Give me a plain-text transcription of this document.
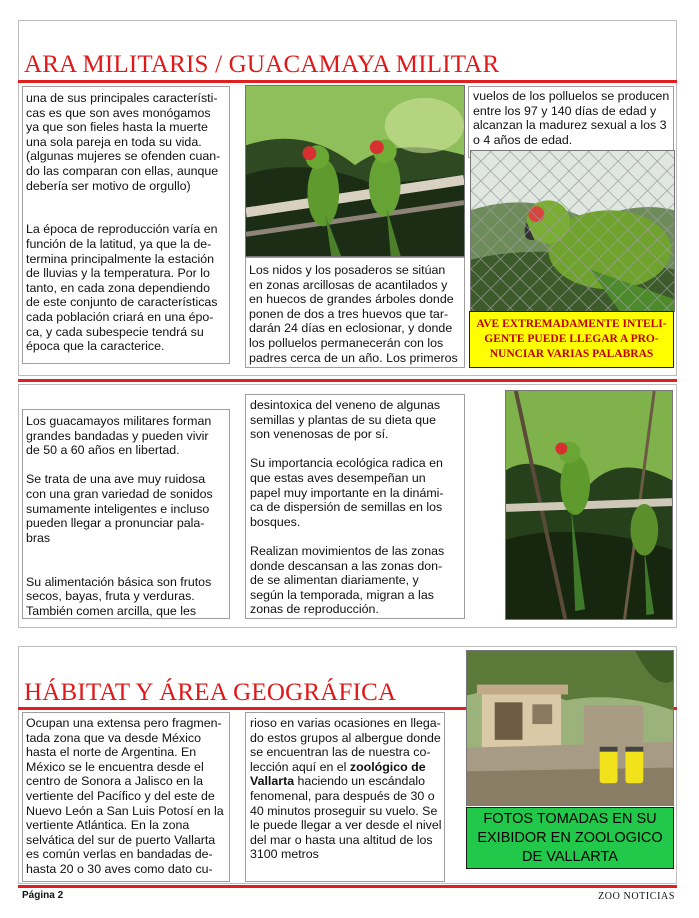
ARA MILITARIS / GUACAMAYA MILITAR
una de sus principales característi-
cas es que son aves monógamos
ya que son fieles hasta la muerte
una sola pareja en toda su vida.
(algunas mujeres se ofenden cuan-
do las comparan con ellas, aunque
debería ser motivo de orgullo)

La época de reproducción varía en
función de la latitud, ya que la de-
termina principalmente la estación
de lluvias y la temperatura. Por lo
tanto, en cada zona dependiendo
de este conjunto de características
cada población criará en una épo-
ca, y cada subespecie tendrá su
época que la caracterice.
Los nidos y los posaderos se sitúan
en zonas arcillosas de acantilados y
en huecos de grandes árboles donde
ponen de dos a tres huevos que tar-
darán 24 días en eclosionar, y donde
los polluelos permanecerán con los
padres cerca de un año. Los primeros
vuelos de los polluelos se producen
entre los 97 y 140 días de edad y
alcanzan la madurez sexual a los 3
o 4 años de edad.
AVE EXTREMADAMENTE INTELI-
GENTE PUEDE LLEGAR A PRO-
NUNCIAR VARIAS PALABRAS
Los guacamayos militares forman
grandes bandadas y pueden vivir
de 50 a 60 años en libertad.

Se trata de una ave muy ruidosa
con una gran variedad de sonidos
sumamente inteligentes e incluso
pueden llegar a pronunciar pala-
bras

Su alimentación básica son frutos
secos, bayas, fruta y verduras.
También comen arcilla, que les
desintoxica del veneno de algunas
semillas y plantas de su dieta que
son venenosas de por sí.

Su importancia ecológica radica en
que estas aves desempeñan un
papel muy importante en la dinámi-
ca de dispersión de semillas en los
bosques.

Realizan movimientos de las zonas
donde descansan a las zonas don-
de se alimentan diariamente, y
según la temporada, migran a las
zonas de reproducción.
HÁBITAT Y ÁREA GEOGRÁFICA
Ocupan una extensa pero fragmen-
tada zona que va desde México
hasta el norte de Argentina. En
México se le encuentra desde el
centro de Sonora a Jalisco en la
vertiente del Pacífico y del este de
Nuevo León a San Luis Potosí en la
vertiente Atlántica. En la zona
selvática del sur de puerto Vallarta
es común verlas en bandadas de-
hasta 20 o 30 aves como dato cu-
rioso en varias ocasiones en llega-
do estos grupos al albergue donde
se encuentran las de nuestra co-
lección aquí en el zoológico de
Vallarta haciendo un escándalo
fenomenal, para después de 30 o
40 minutos proseguir su vuelo. Se
le puede llegar a ver desde el nivel
del mar o hasta una altitud de los
3100 metros
FOTOS TOMADAS EN SU
EXIBIDOR EN ZOOLOGICO
DE VALLARTA
Página 2	ZOO NOTICIAS
